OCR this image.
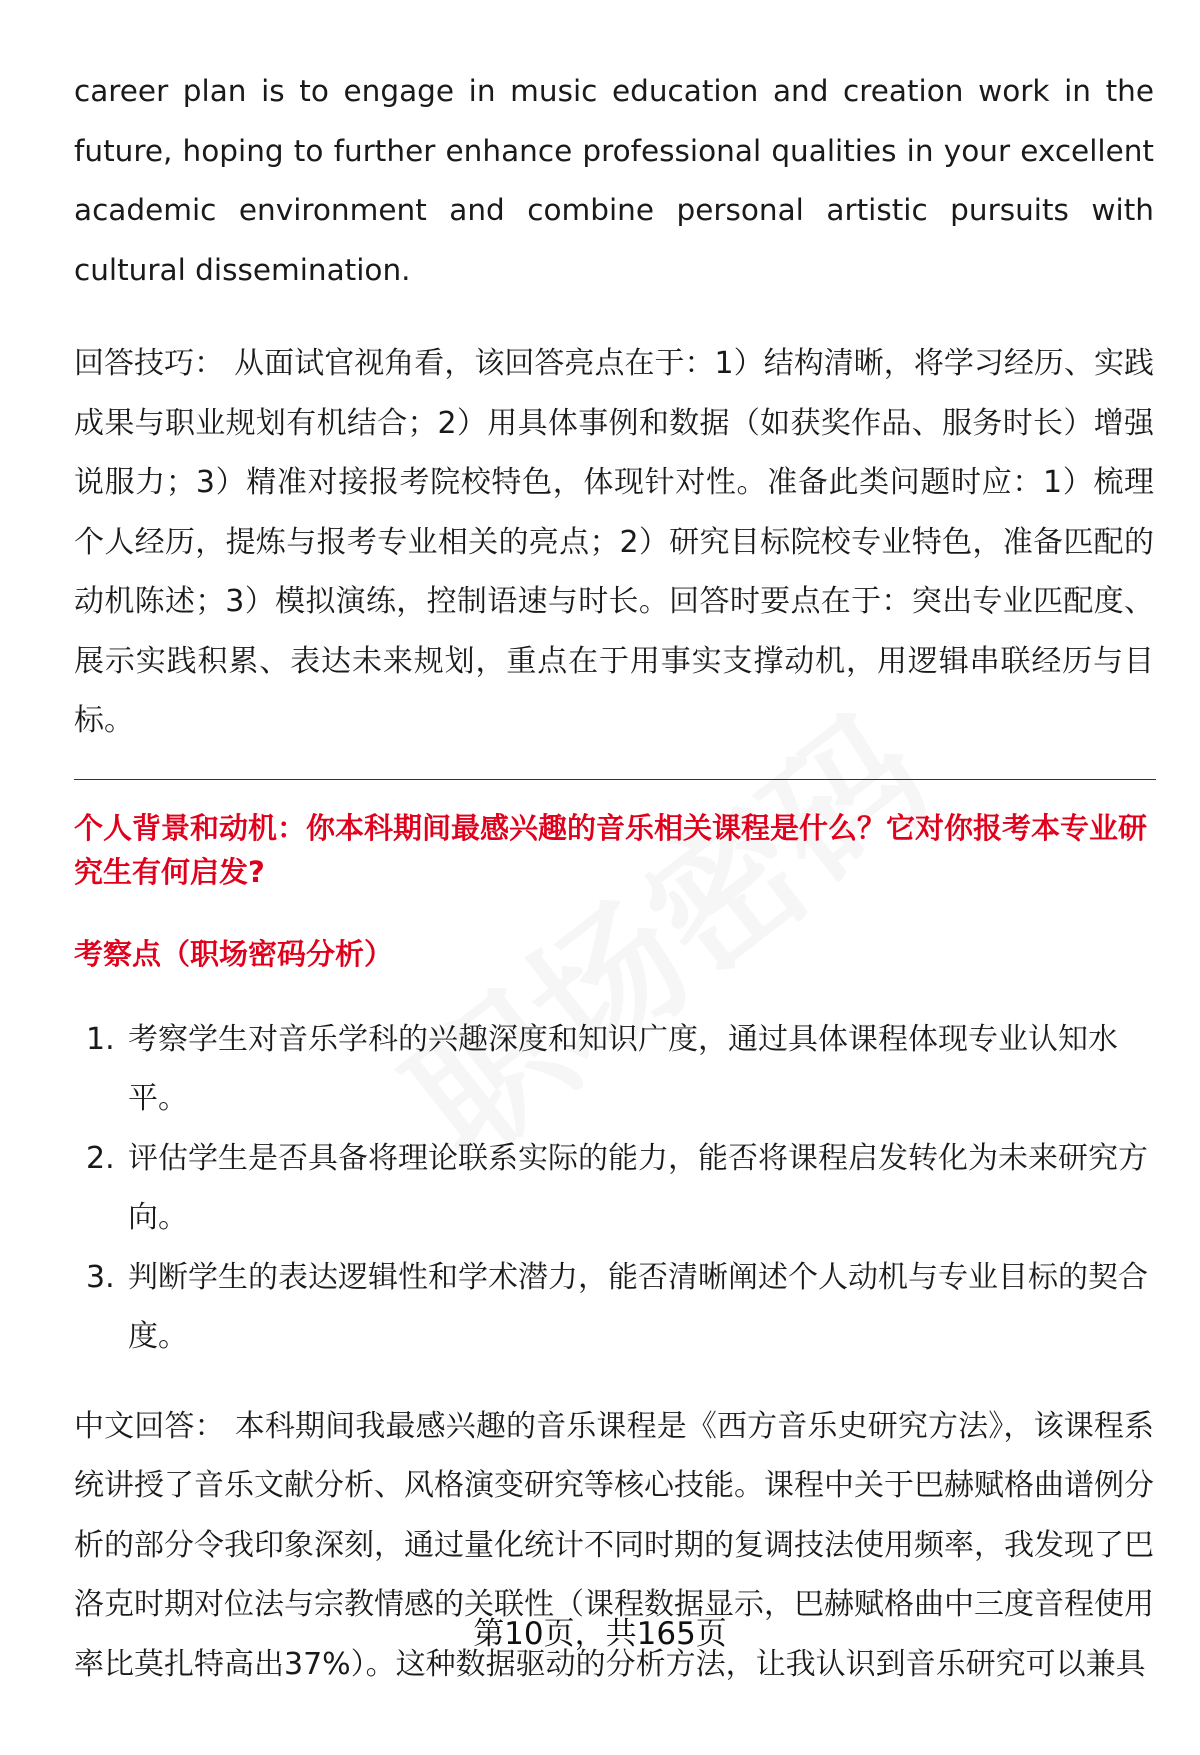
career plan is to engage in music education and creation work in the future, hoping to further enhance professional qualities in your excellent academic environment and combine personal artistic pursuits with cultural dissemination.

回答技巧： 从面试官视角看，该回答亮点在于：1）结构清晰，将学习经历、实践成果与职业规划有机结合；2）用具体事例和数据（如获奖作品、服务时长）增强说服力；3）精准对接报考院校特色，体现针对性。准备此类问题时应：1）梳理个人经历，提炼与报考专业相关的亮点；2）研究目标院校专业特色，准备匹配的动机陈述；3）模拟演练，控制语速与时长。回答时要点在于：突出专业匹配度、展示实践积累、表达未来规划，重点在于用事实支撑动机，用逻辑串联经历与目标。

个人背景和动机：你本科期间最感兴趣的音乐相关课程是什么？它对你报考本专业研究生有何启发?

考察点（职场密码分析）

1. 考察学生对音乐学科的兴趣深度和知识广度，通过具体课程体现专业认知水平。
2. 评估学生是否具备将理论联系实际的能力，能否将课程启发转化为未来研究方向。
3. 判断学生的表达逻辑性和学术潜力，能否清晰阐述个人动机与专业目标的契合度。

中文回答： 本科期间我最感兴趣的音乐课程是《西方音乐史研究方法》，该课程系统讲授了音乐文献分析、风格演变研究等核心技能。课程中关于巴赫赋格曲谱例分析的部分令我印象深刻，通过量化统计不同时期的复调技法使用频率，我发现了巴洛克时期对位法与宗教情感的关联性（课程数据显示，巴赫赋格曲中三度音程使用率比莫扎特高出37%）。这种数据驱动的分析方法，让我认识到音乐研究可以兼具

第10页，共165页
